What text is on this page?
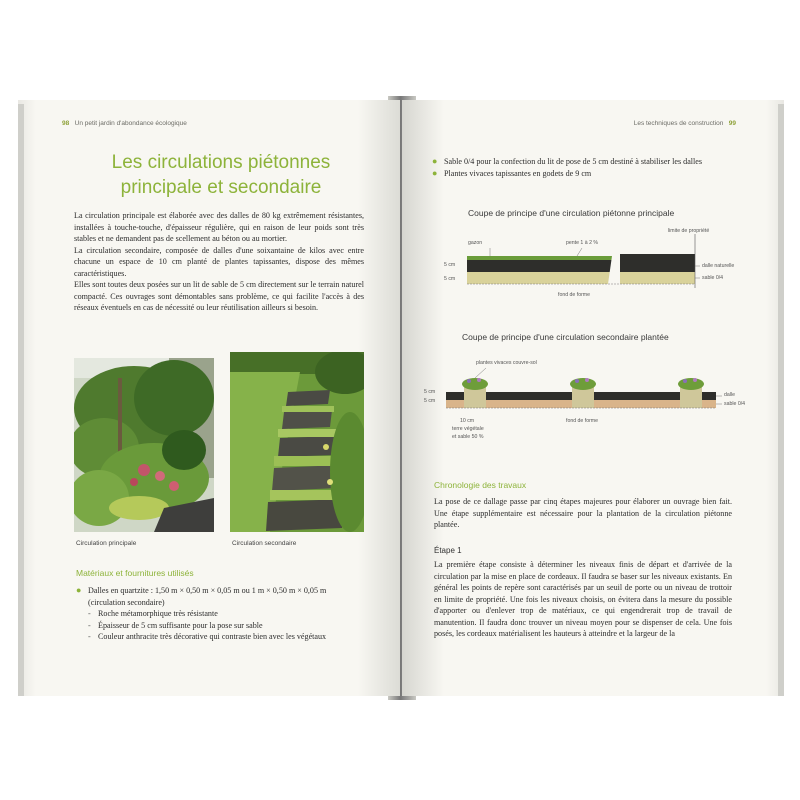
98 Un petit jardin d'abondance écologique
Les circulations piétonnes
principale et secondaire

La circulation principale est élaborée avec des dalles de 80 kg extrêmement résistantes, installées à touche-touche, d'épaisseur régulière, qui en raison de leur poids sont très stables et ne demandent pas de scellement au béton ou au mortier.

La circulation secondaire, composée de dalles d'une soixantaine de kilos avec entre chacune un espace de 10 cm planté de plantes tapissantes, dispose des mêmes caractéristiques.

Elles sont toutes deux posées sur un lit de sable de 5 cm directement sur le terrain naturel compacté. Ces ouvrages sont démontables sans problème, ce qui facilite l'accès à des réseaux éventuels en cas de nécessité ou leur réutilisation ailleurs si besoin.

Circulation principale	Circulation secondaire
Matériaux et fournitures utilisés
● Dalles en quartzite : 1,50 m × 0,50 m × 0,05 m ou 1 m × 0,50 m × 0,05 m (circulation secondaire)
- Roche métamorphique très résistante
- Épaisseur de 5 cm suffisante pour la pose sur sable
- Couleur anthracite très décorative qui contraste bien avec les végétaux
Les techniques de construction 99
● Sable 0/4 pour la confection du lit de pose de 5 cm destiné à stabiliser les dalles
● Plantes vivaces tapissantes en godets de 9 cm
Coupe de principe d'une circulation piétonne principale
gazon	pente 1 à 2 %
limite de propriété
5 cm
5 cm
dalle naturelle
sable 0/4
fond de forme
Coupe de principe d'une circulation secondaire plantée
plantes vivaces couvre-sol
5 cm
5 cm
dalle
sable 0/4
10 cm
terre végétale
et sable 50 %
fond de forme
Chronologie des travaux
La pose de ce dallage passe par cinq étapes majeures pour élaborer un ouvrage bien fait. Une étape supplémentaire est nécessaire pour la plantation de la circulation piétonne plantée.
Étape 1
La première étape consiste à déterminer les niveaux finis de départ et d'arrivée de la circulation par la mise en place de cordeaux. Il faudra se baser sur les niveaux existants. En général les points de repère sont caractérisés par un seuil de porte ou un niveau de trottoir en limite de propriété. Une fois les niveaux choisis, on évitera dans la mesure du possible d'apporter ou d'enlever trop de matériaux, ce qui engendrerait trop de travail de manutention. Il faudra donc trouver un niveau moyen pour se dispenser de cela. Une fois posés, les cordeaux matérialisent les hauteurs à atteindre et la largeur de la
